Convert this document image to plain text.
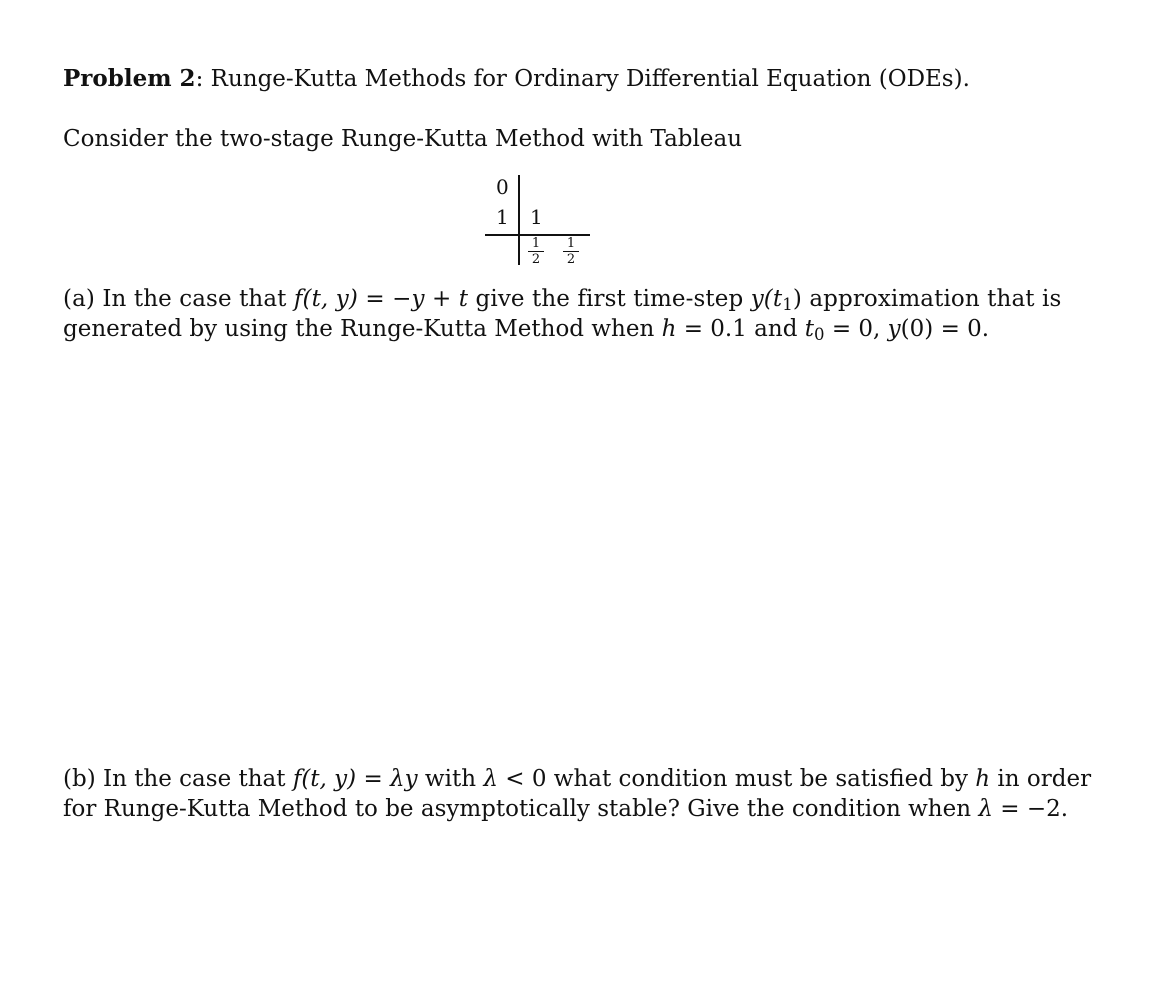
Problem 2: Runge-Kutta Methods for Ordinary Differential Equation (ODEs).
Consider the two-stage Runge-Kutta Method with Tableau
0
1 1
$\frac{1}{2} \frac{1}{2}$
(a) In the case that f(t, y) = −y + t give the first time-step $y(t_1)$ approximation that is
generated by using the Runge-Kutta Method when h = 0.1 and $t_0 = 0$, y(0) = 0.
(b) In the case that f(t, y) = λy with λ < 0 what condition must be satisfied by h in order
for Runge-Kutta Method to be asymptotically stable? Give the condition when λ = −2.
